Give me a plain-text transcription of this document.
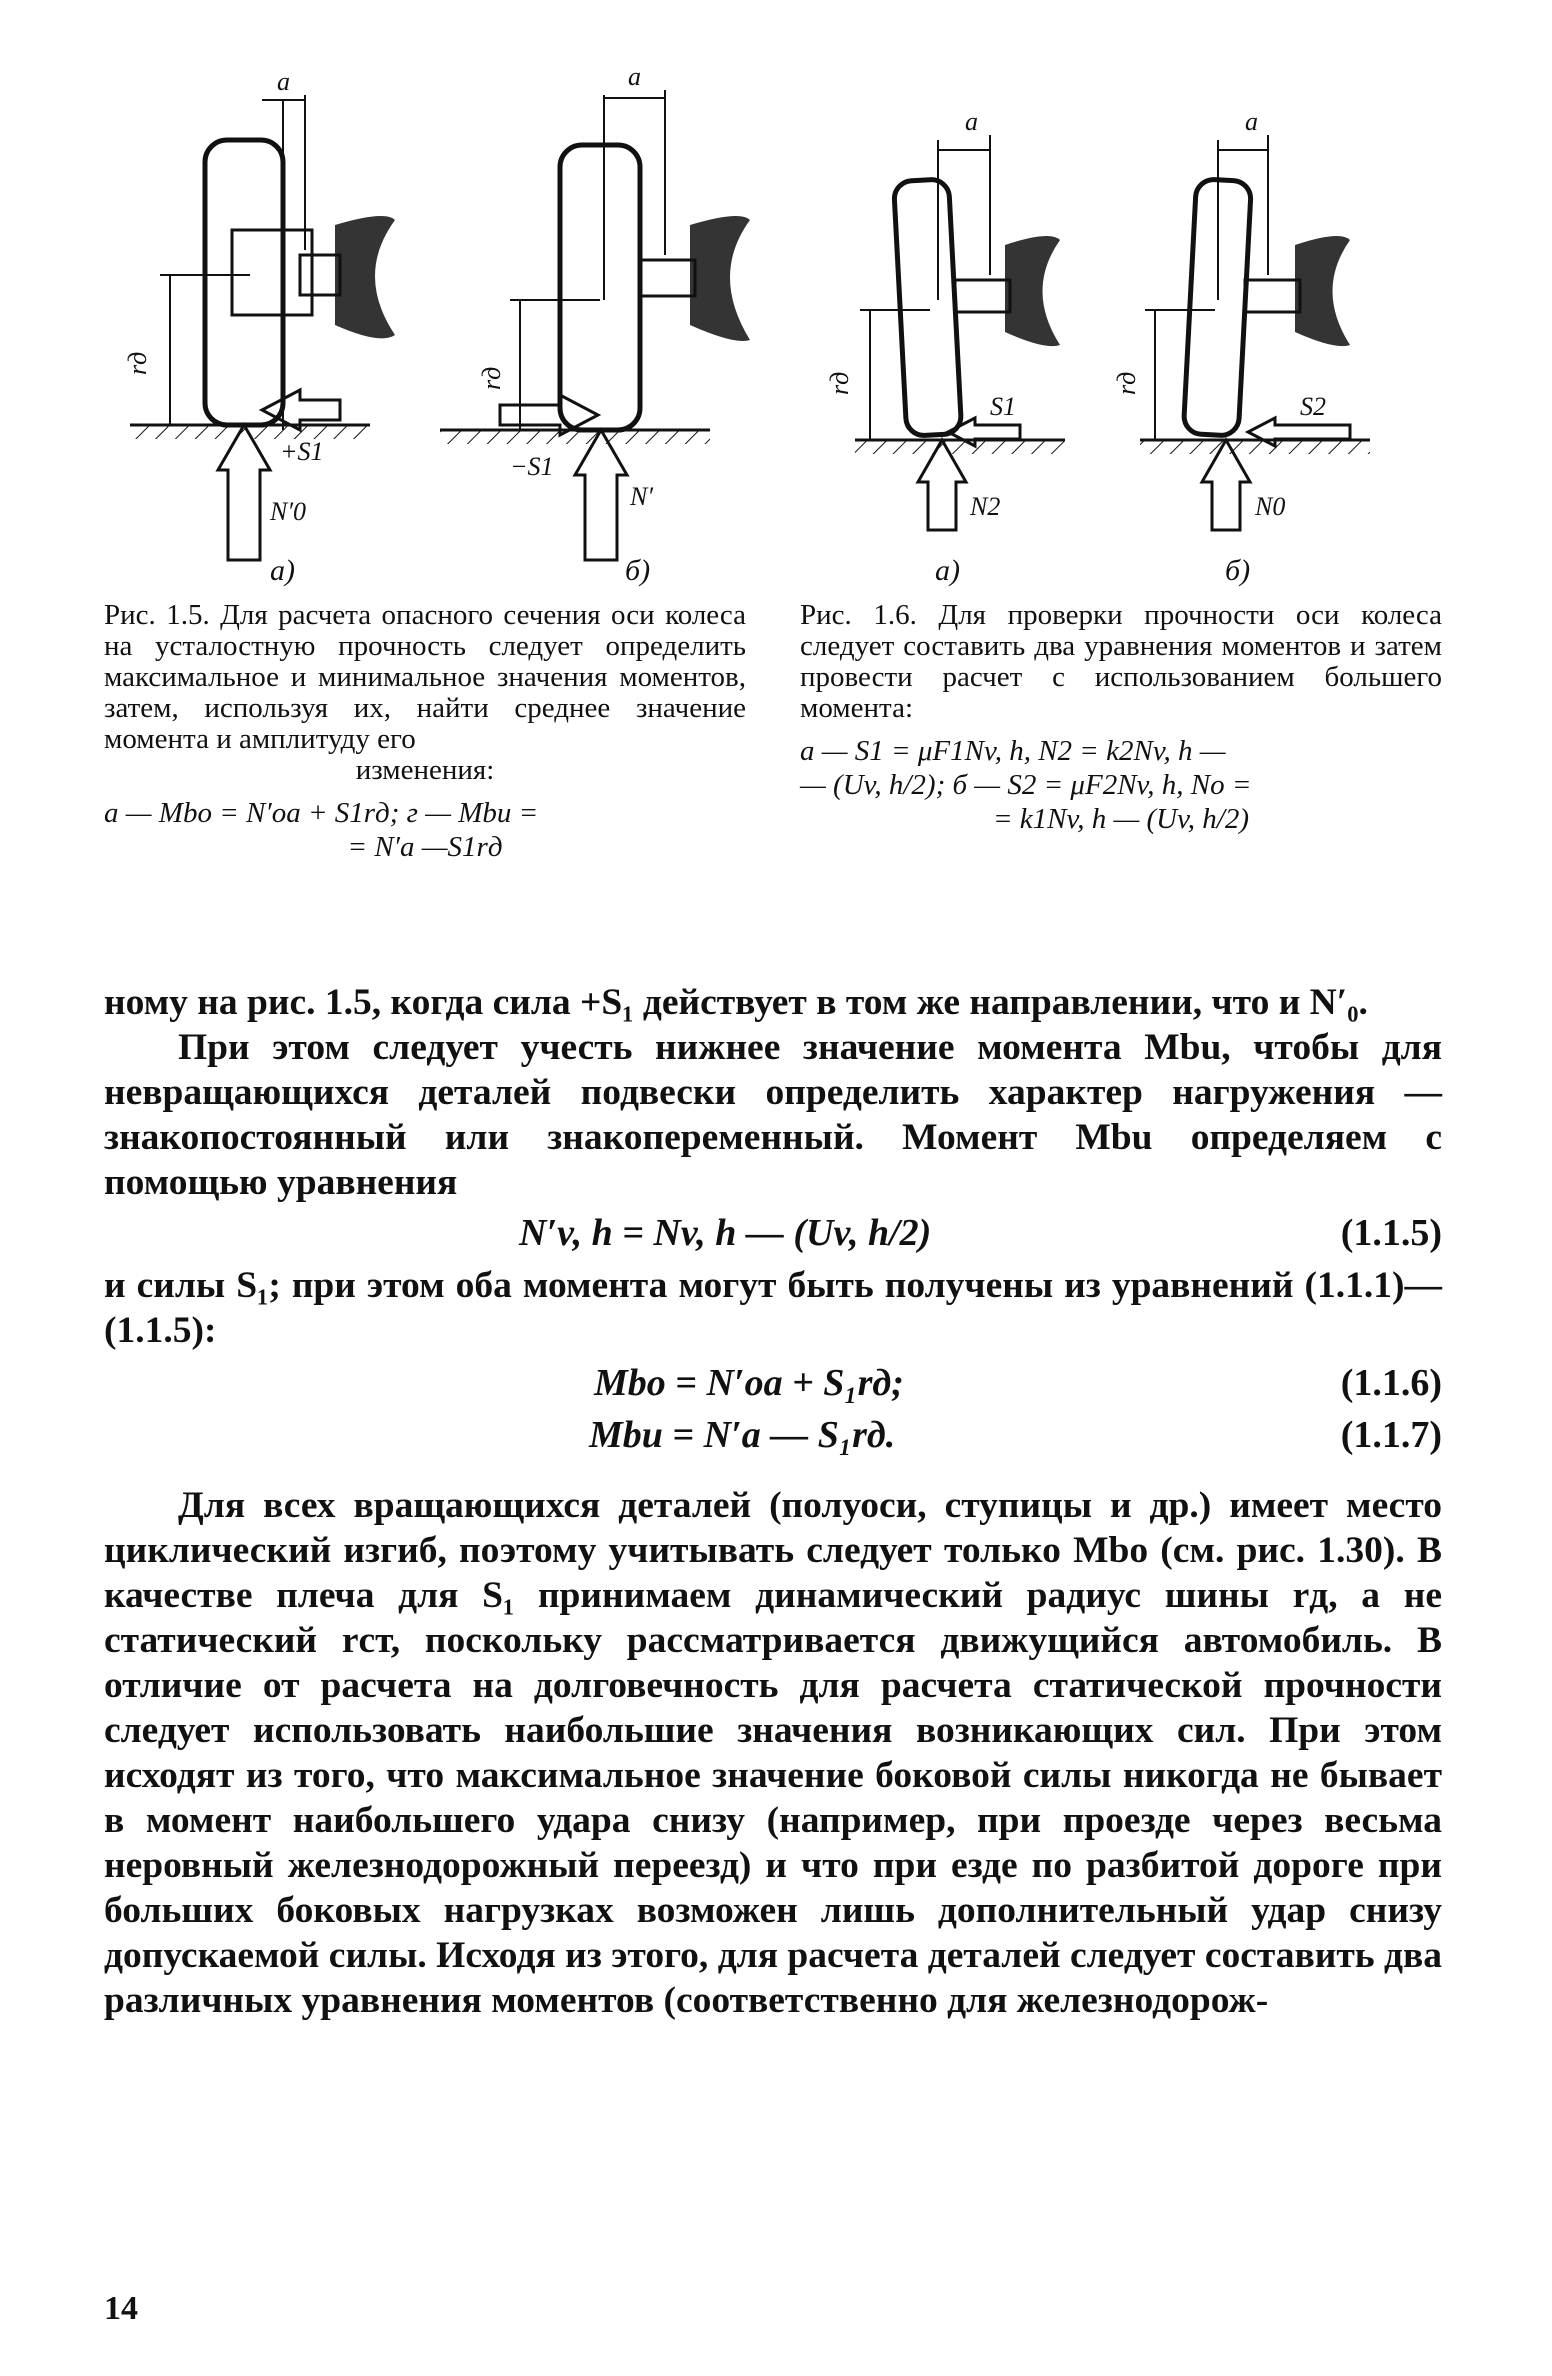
a
rд
+S1
N′0
а)
a
rд
−S1
N′
б)
a
rд
S1
N2
а)
a
rд
S2
N0
б)
Рис. 1.5. Для расчета опасного сечения оси колеса на усталостную прочность следует определить максимальное и минимальное значения моментов, затем, используя их, найти среднее значение момента и амплитуду его
изменения:
а — Mbo = N′oa + S1rд; г — Mbu =
= N′a —S1rд
Рис. 1.6. Для проверки прочности оси колеса следует составить два уравнения моментов и затем провести расчет с использованием большего момента:
а — S1 = μF1Nv, h, N2 = k2Nv, h —
— (Uv, h/2); б — S2 = μF2Nv, h, No =
= k1Nv, h — (Uv, h/2)

ному на рис. 1.5, когда сила +S₁ действует в том же направлении, что и N′₀.

При этом следует учесть нижнее значение момента Mbu, чтобы для невращающихся деталей подвески определить характер нагружения — знакопостоянный или знакопеременный. Момент Mbu определяем с помощью уравнения

N′v, h = Nv, h — (Uv, h/2)	(1.1.5)

и силы S₁; при этом оба момента могут быть получены из уравнений (1.1.1)—(1.1.5):

Mbo = N′oa + S₁rд;	(1.1.6)
Mbu = N′a — S₁rд.	(1.1.7)

Для всех вращающихся деталей (полуоси, ступицы и др.) имеет место циклический изгиб, поэтому учитывать следует только Mbo (см. рис. 1.30). В качестве плеча для S₁ принимаем динамический радиус шины rд, а не статический rст, поскольку рассматривается движущийся автомобиль. В отличие от расчета на долговечность для расчета статической прочности следует использовать наибольшие значения возникающих сил. При этом исходят из того, что максимальное значение боковой силы никогда не бывает в момент наибольшего удара снизу (например, при проезде через весьма неровный железнодорожный переезд) и что при езде по разбитой дороге при больших боковых нагрузках возможен лишь дополнительный удар снизу допускаемой силы. Исходя из этого, для расчета деталей следует составить два различных уравнения моментов (соответственно для железнодорож-

14
